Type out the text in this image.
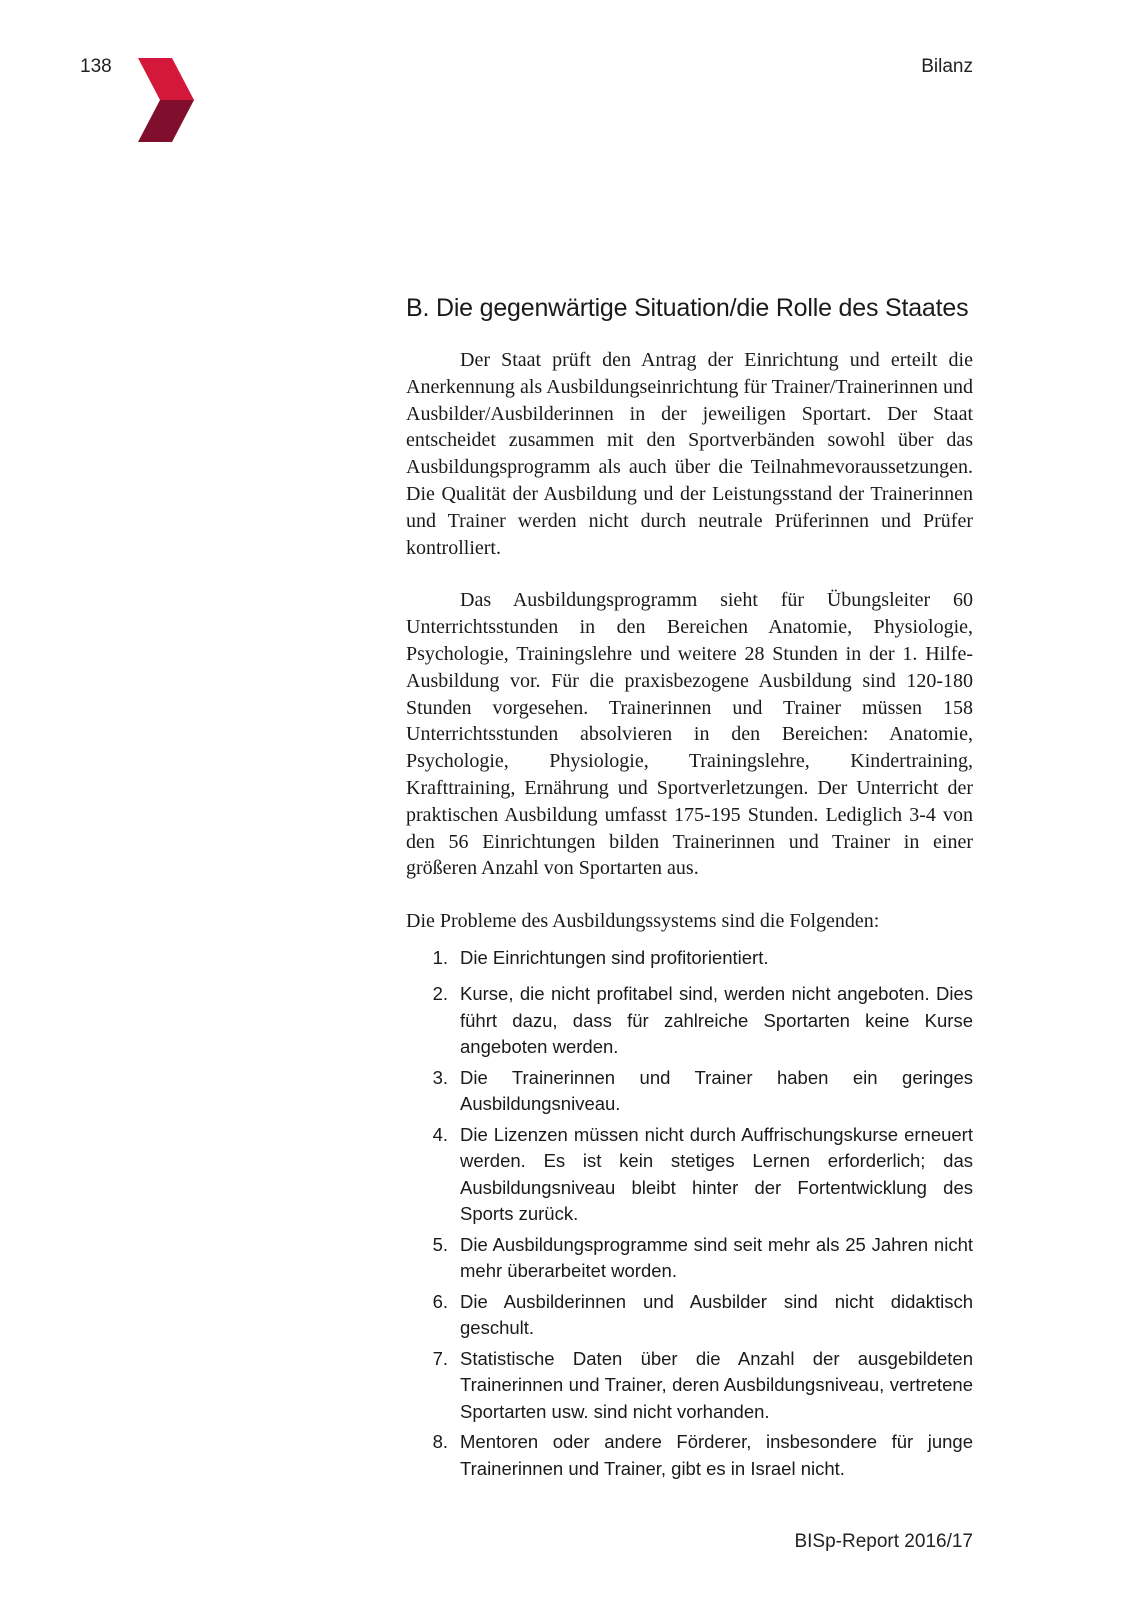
138	Bilanz
B. Die gegenwärtige Situation/die Rolle des Staates

Der Staat prüft den Antrag der Einrichtung und erteilt die Anerkennung als Ausbildungseinrichtung für Trainer/Trainerinnen und Ausbilder/Ausbilderinnen in der jeweiligen Sportart. Der Staat entscheidet zusammen mit den Sportverbänden sowohl über das Ausbildungsprogramm als auch über die Teilnahmevoraussetzungen. Die Qualität der Ausbildung und der Leistungsstand der Trainerinnen und Trainer werden nicht durch neutrale Prüferinnen und Prüfer kontrolliert.

Das Ausbildungsprogramm sieht für Übungsleiter 60 Unterrichtsstunden in den Bereichen Anatomie, Physiologie, Psychologie, Trainingslehre und weitere 28 Stunden in der 1. Hilfe-Ausbildung vor. Für die praxisbezogene Ausbildung sind 120-180 Stunden vorgesehen. Trainerinnen und Trainer müssen 158 Unterrichtsstunden absolvieren in den Bereichen: Anatomie, Psychologie, Physiologie, Trainingslehre, Kindertraining, Krafttraining, Ernährung und Sportverletzungen. Der Unterricht der praktischen Ausbildung umfasst 175-195 Stunden. Lediglich 3-4 von den 56 Einrichtungen bilden Trainerinnen und Trainer in einer größeren Anzahl von Sportarten aus.

Die Probleme des Ausbildungssystems sind die Folgenden:

1. Die Einrichtungen sind profitorientiert.
2. Kurse, die nicht profitabel sind, werden nicht angeboten. Dies führt dazu, dass für zahlreiche Sportarten keine Kurse angeboten werden.
3. Die Trainerinnen und Trainer haben ein geringes Ausbildungsniveau.
4. Die Lizenzen müssen nicht durch Auffrischungskurse erneuert werden. Es ist kein stetiges Lernen erforderlich; das Ausbildungsniveau bleibt hinter der Fortentwicklung des Sports zurück.
5. Die Ausbildungsprogramme sind seit mehr als 25 Jahren nicht mehr überarbeitet worden.
6. Die Ausbilderinnen und Ausbilder sind nicht didaktisch geschult.
7. Statistische Daten über die Anzahl der ausgebildeten Trainerinnen und Trainer, deren Ausbildungsniveau, vertretene Sportarten usw. sind nicht vorhanden.
8. Mentoren oder andere Förderer, insbesondere für junge Trainerinnen und Trainer, gibt es in Israel nicht.
BISp-Report 2016/17
